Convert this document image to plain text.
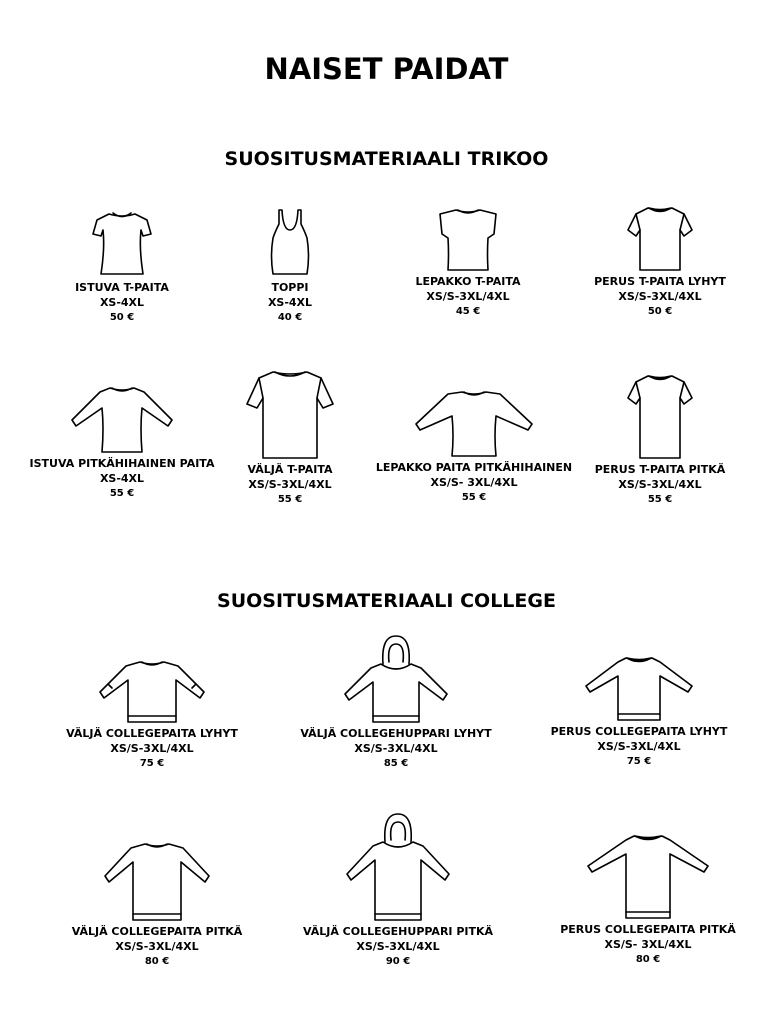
NAISET PAIDAT
SUOSITUSMATERIAALI TRIKOO
ISTUVA T-PAITA
XS-4XL
50 €
TOPPI
XS-4XL
40 €
LEPAKKO T-PAITA
XS/S-3XL/4XL
45 €
PERUS T-PAITA LYHYT
XS/S-3XL/4XL
50 €
ISTUVA PITKÄHIHAINEN PAITA
XS-4XL
55 €
VÄLJÄ T-PAITA
XS/S-3XL/4XL
55 €
LEPAKKO PAITA PITKÄHIHAINEN
XS/S- 3XL/4XL
55 €
PERUS T-PAITA PITKÄ
XS/S-3XL/4XL
55 €
SUOSITUSMATERIAALI COLLEGE
VÄLJÄ COLLEGEPAITA LYHYT
XS/S-3XL/4XL
75 €
VÄLJÄ COLLEGEHUPPARI LYHYT
XS/S-3XL/4XL
85 €
PERUS COLLEGEPAITA LYHYT
XS/S-3XL/4XL
75 €
VÄLJÄ COLLEGEPAITA PITKÄ
XS/S-3XL/4XL
80 €
VÄLJÄ COLLEGEHUPPARI PITKÄ
XS/S-3XL/4XL
90 €
PERUS COLLEGEPAITA PITKÄ
XS/S- 3XL/4XL
80 €
